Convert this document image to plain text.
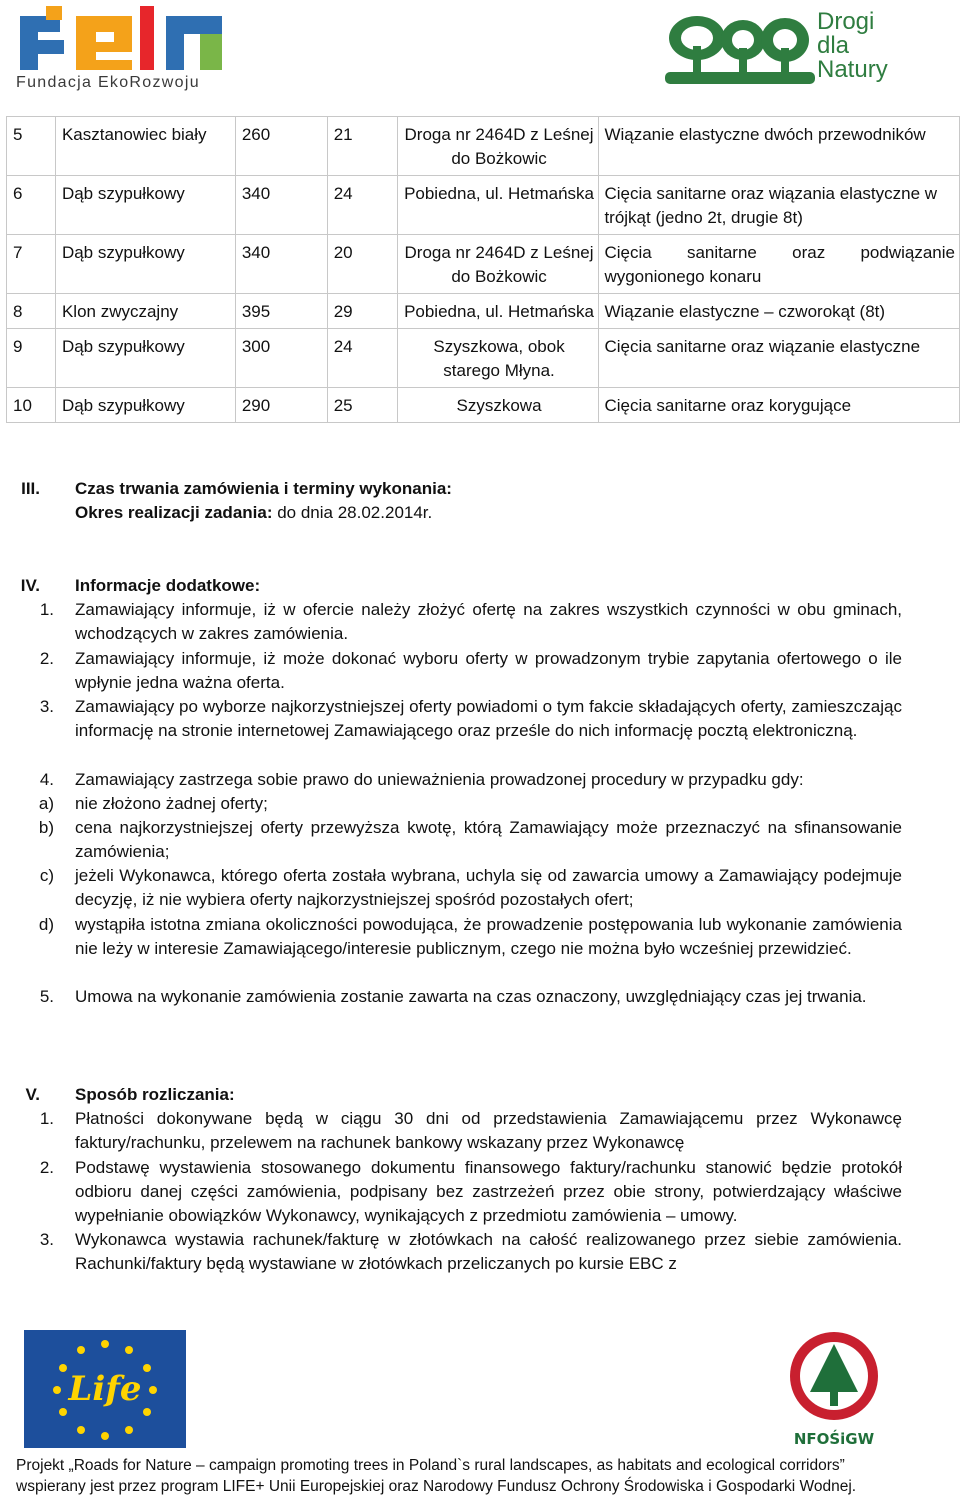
Fundacja EkoRozwoju
Drogi
dla
Natury
5	Kasztanowiec biały	260	21	Droga nr 2464D z Leśnej do Bożkowic	Wiązanie elastyczne dwóch przewodników
6	Dąb szypułkowy	340	24	Pobiedna, ul. Hetmańska	Cięcia sanitarne oraz wiązania elastyczne w trójkąt (jedno 2t, drugie 8t)
7	Dąb szypułkowy	340	20	Droga nr 2464D z Leśnej do Bożkowic	Cięcia sanitarne oraz podwiązanie wygonionego konaru
8	Klon zwyczajny	395	29	Pobiedna, ul. Hetmańska	Wiązanie elastyczne – czworokąt (8t)
9	Dąb szypułkowy	300	24	Szyszkowa, obok starego Młyna.	Cięcia sanitarne oraz wiązanie elastyczne
10	Dąb szypułkowy	290	25	Szyszkowa	Cięcia sanitarne oraz korygujące
III. Czas trwania zamówienia i terminy wykonania:
Okres realizacji zadania: do dnia 28.02.2014r.
IV. Informacje dodatkowe:
1. Zamawiający informuje, iż w ofercie należy złożyć ofertę na zakres wszystkich czynności w obu gminach, wchodzących w zakres zamówienia.
2. Zamawiający informuje, iż może dokonać wyboru oferty w prowadzonym trybie zapytania ofertowego o ile wpłynie jedna ważna oferta.
3. Zamawiający po wyborze najkorzystniejszej oferty powiadomi o tym fakcie składających oferty, zamieszczając informację na stronie internetowej Zamawiającego oraz prześle do nich informację pocztą elektroniczną.
4. Zamawiający zastrzega sobie prawo do unieważnienia prowadzonej procedury w przypadku gdy:
a) nie złożono żadnej oferty;
b) cena najkorzystniejszej oferty przewyższa kwotę, którą Zamawiający może przeznaczyć na sfinansowanie zamówienia;
c) jeżeli Wykonawca, którego oferta została wybrana, uchyla się od zawarcia umowy a Zamawiający podejmuje decyzję, iż nie wybiera oferty najkorzystniejszej spośród pozostałych ofert;
d) wystąpiła istotna zmiana okoliczności powodująca, że prowadzenie postępowania lub wykonanie zamówienia nie leży w interesie Zamawiającego/interesie publicznym, czego nie można było wcześniej przewidzieć.
5. Umowa na wykonanie zamówienia zostanie zawarta na czas oznaczony, uwzględniający czas jej trwania.
V. Sposób rozliczania:
1. Płatności dokonywane będą w ciągu 30 dni od przedstawienia Zamawiającemu przez Wykonawcę faktury/rachunku, przelewem na rachunek bankowy wskazany przez Wykonawcę
2. Podstawę wystawienia stosowanego dokumentu finansowego faktury/rachunku stanowić będzie protokół odbioru danej części zamówienia, podpisany bez zastrzeżeń przez obie strony, potwierdzający właściwe wypełnianie obowiązków Wykonawcy, wynikających z przedmiotu zamówienia – umowy.
3. Wykonawca wystawia rachunek/fakturę w złotówkach na całość realizowanego przez siebie zamówienia. Rachunki/faktury będą wystawiane w złotówkach przeliczanych po kursie EBC z
Life
NFOŚiGW
Projekt „Roads for Nature – campaign promoting trees in Poland`s rural landscapes, as habitats and ecological corridors”
wspierany jest przez program LIFE+ Unii Europejskiej oraz Narodowy Fundusz Ochrony Środowiska i Gospodarki Wodnej.
